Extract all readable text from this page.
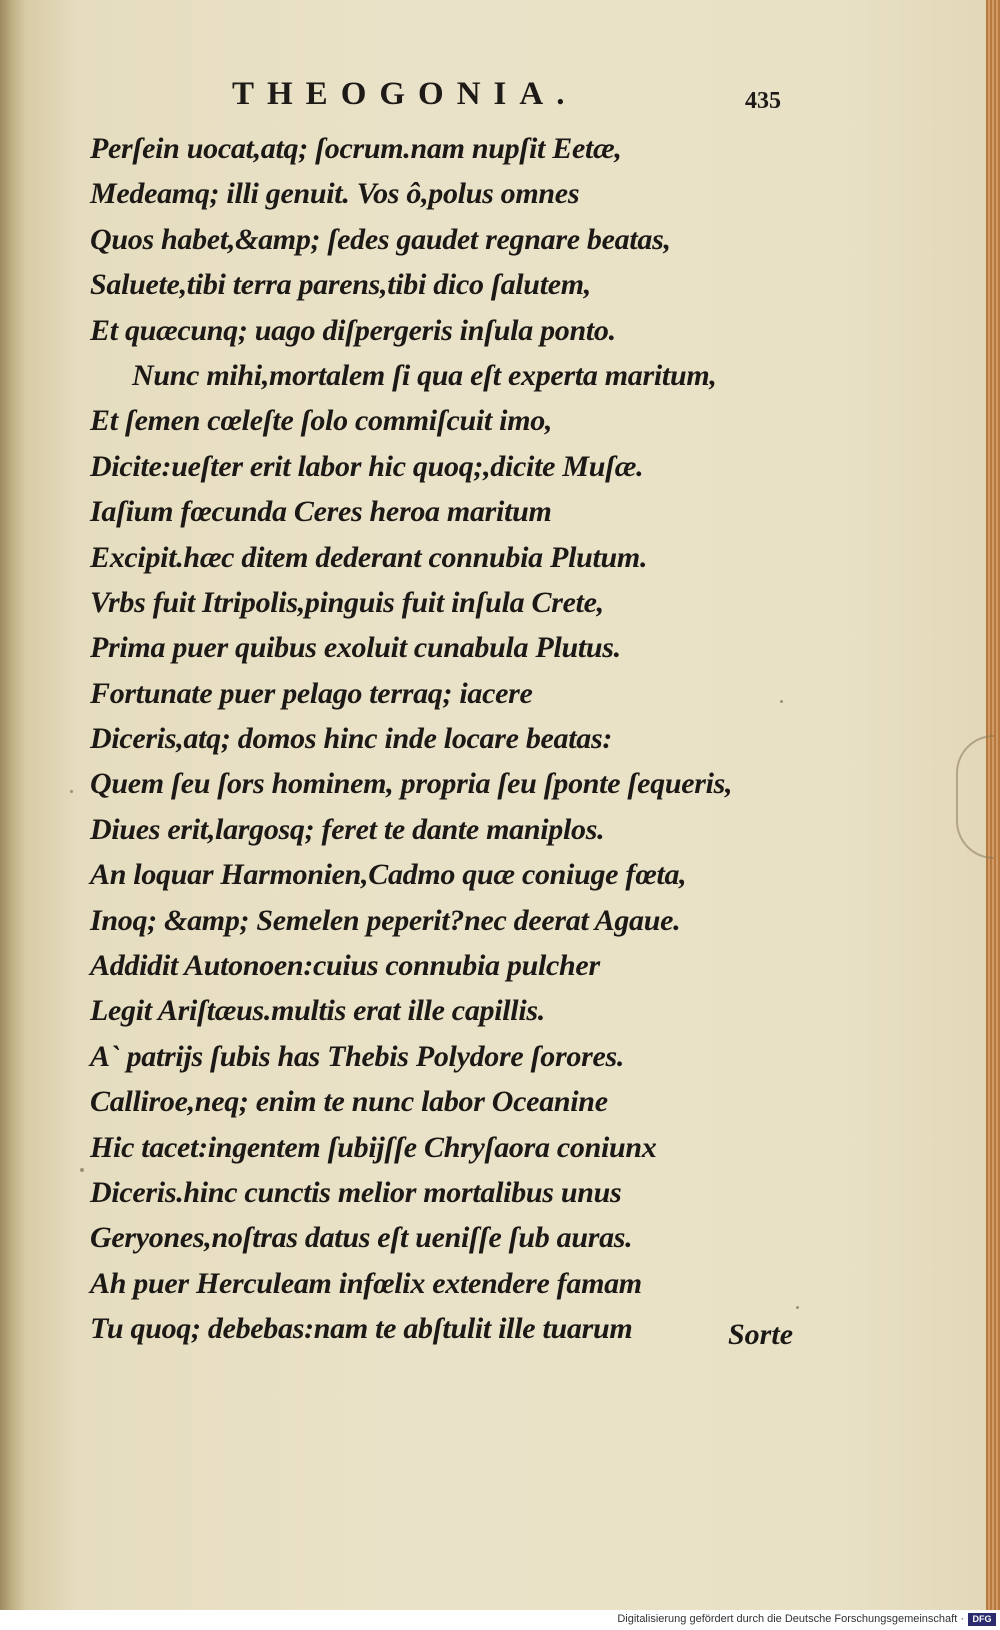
THEOGONIA.	435
Perſein uocat,atq; ſocrum.nam nupſit Eetæ,
Medeamq; illi genuit. Vos ô,polus omnes
Quos habet,&amp; ſedes gaudet regnare beatas,
Saluete,tibi terra parens,tibi dico ſalutem,
Et quæcunq; uago diſpergeris inſula ponto.
Nunc mihi,mortalem ſi qua eſt experta maritum,
Et ſemen cœleſte ſolo commiſcuit imo,
Dicite:ueſter erit labor hic quoq;,dicite Muſæ.
Iaſium fœcunda Ceres heroa maritum
Excipit.hæc ditem dederant connubia Plutum.
Vrbs fuit Itripolis,pinguis fuit inſula Crete,
Prima puer quibus exoluit cunabula Plutus.
Fortunate puer pelago terraq; iacere
Diceris,atq; domos hinc inde locare beatas:
Quem ſeu ſors hominem, propria ſeu ſponte ſequeris,
Diues erit,largosq; feret te dante maniplos.
An loquar Harmonien,Cadmo quæ coniuge fœta,
Inoq; &amp; Semelen peperit?nec deerat Agaue.
Addidit Autonoen:cuius connubia pulcher
Legit Ariſtæus.multis erat ille capillis.
A` patrijs ſubis has Thebis Polydore ſorores.
Calliroe,neq; enim te nunc labor Oceanine
Hic tacet:ingentem ſubijſſe Chryſaora coniunx
Diceris.hinc cunctis melior mortalibus unus
Geryones,noſtras datus eſt ueniſſe ſub auras.
Ah puer Herculeam infœlix extendere famam
Tu quoq; debebas:nam te abſtulit ille tuarum	Sorte
Digitalisierung gefördert durch die Deutsche Forschungsgemeinschaft · DFG
